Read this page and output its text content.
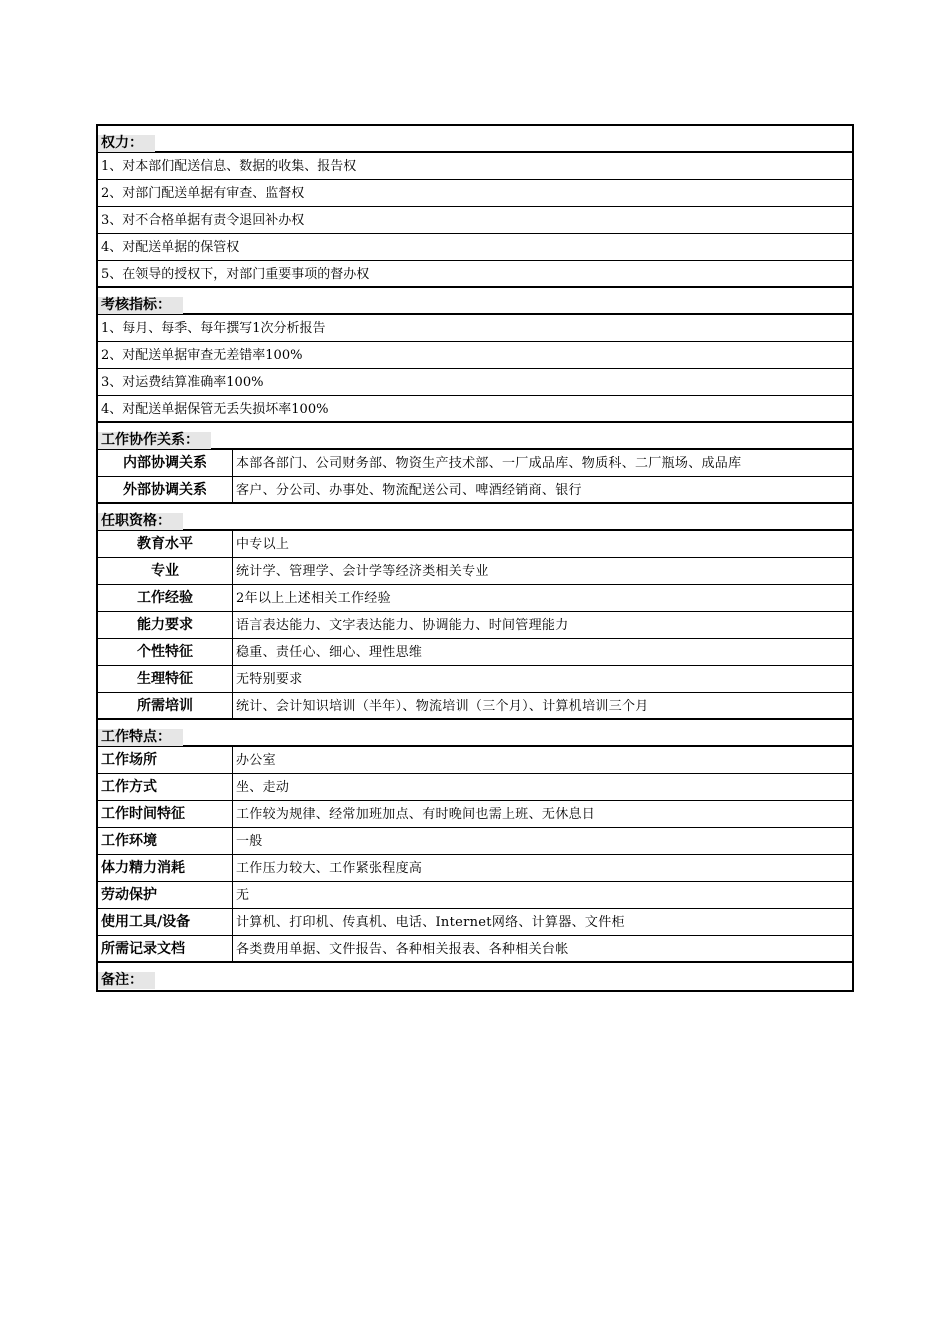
权力：
1、对本部们配送信息、数据的收集、报告权
2、对部门配送单据有审查、监督权
3、对不合格单据有责令退回补办权
4、对配送单据的保管权
5、在领导的授权下，对部门重要事项的督办权
考核指标：
1、每月、每季、每年撰写1次分析报告
2、对配送单据审查无差错率100%
3、对运费结算准确率100%
4、对配送单据保管无丢失损坏率100%
工作协作关系：
内部协调关系	本部各部门、公司财务部、物资生产技术部、一厂成品库、物质科、二厂瓶场、成品库
外部协调关系	客户、分公司、办事处、物流配送公司、啤酒经销商、银行
任职资格：
教育水平	中专以上
专业	统计学、管理学、会计学等经济类相关专业
工作经验	2年以上上述相关工作经验
能力要求	语言表达能力、文字表达能力、协调能力、时间管理能力
个性特征	稳重、责任心、细心、理性思维
生理特征	无特别要求
所需培训	统计、会计知识培训（半年）、物流培训（三个月）、计算机培训三个月
工作特点：
工作场所	办公室
工作方式	坐、走动
工作时间特征	工作较为规律、经常加班加点、有时晚间也需上班、无休息日
工作环境	一般
体力精力消耗	工作压力较大、工作紧张程度高
劳动保护	无
使用工具/设备	计算机、打印机、传真机、电话、Internet网络、计算器、文件柜
所需记录文档	各类费用单据、文件报告、各种相关报表、各种相关台帐
备注：
